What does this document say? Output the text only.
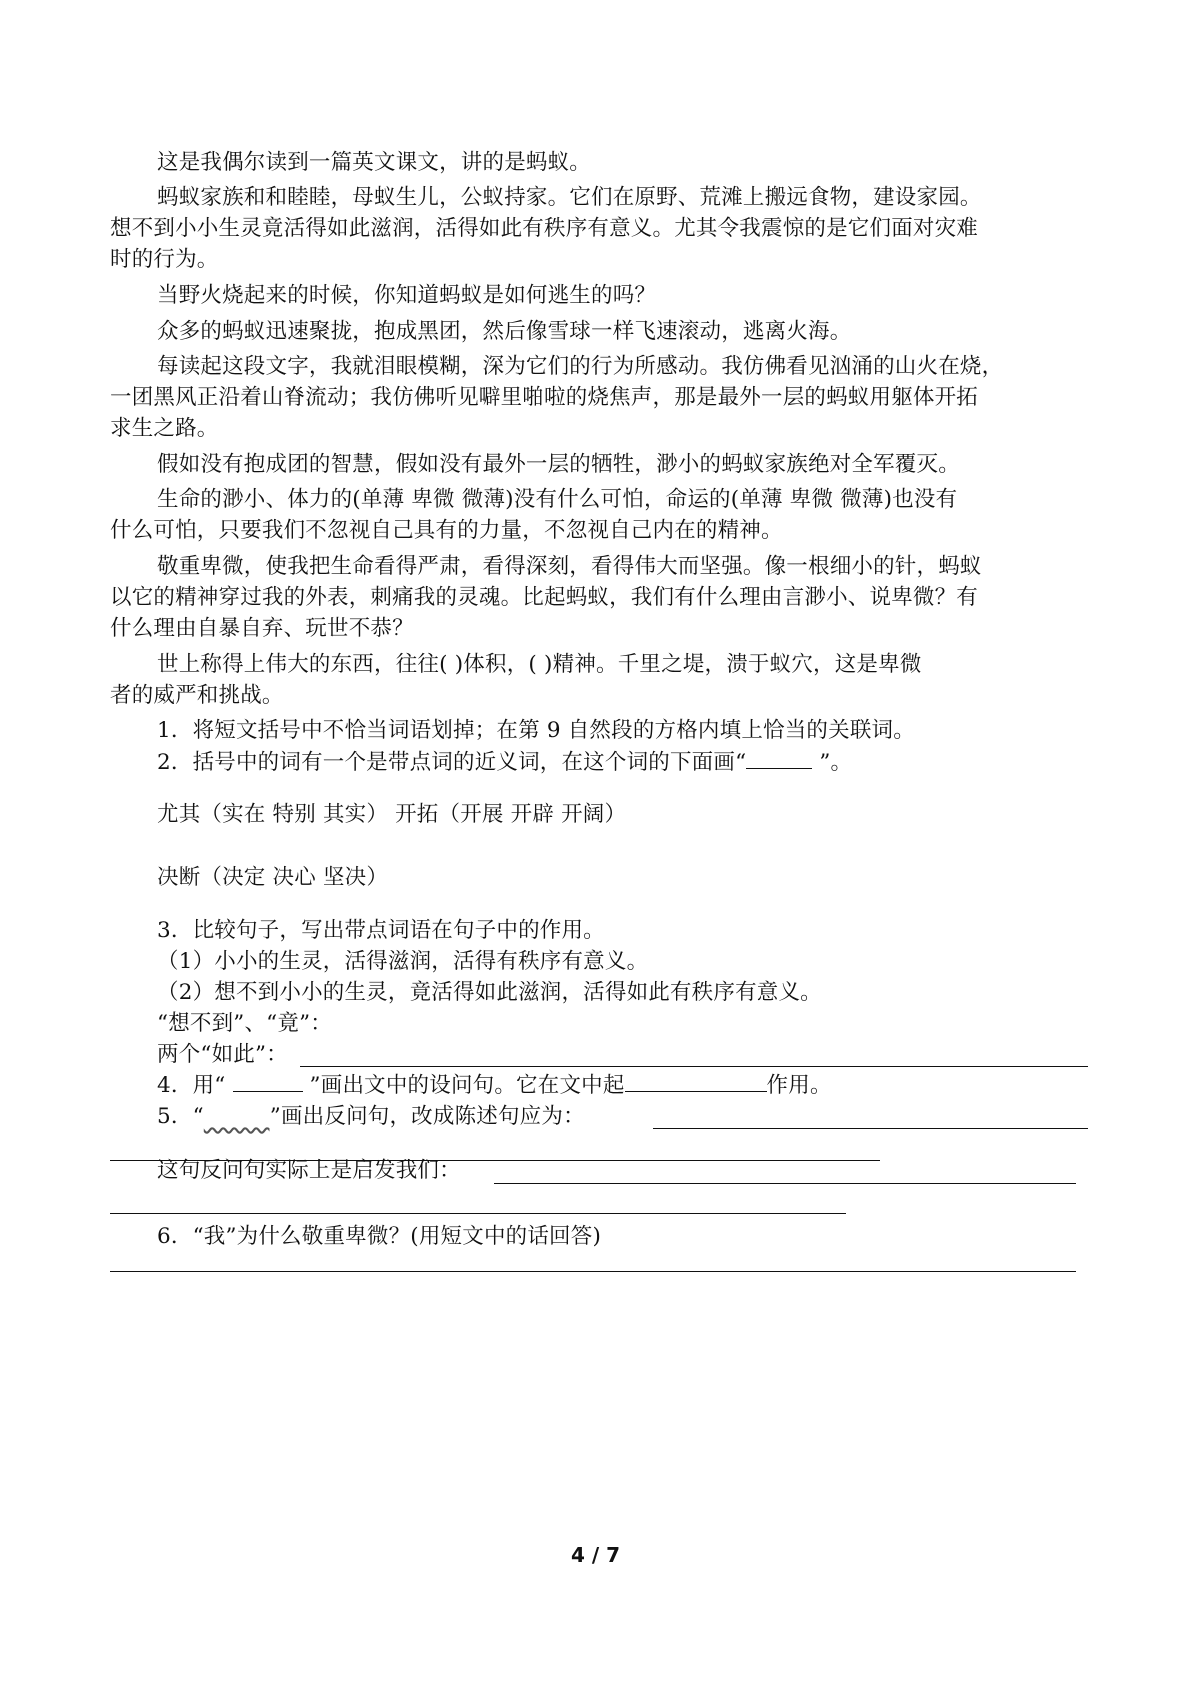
这是我偶尔读到一篇英文课文，讲的是蚂蚁。
蚂蚁家族和和睦睦，母蚁生儿，公蚁持家。它们在原野、荒滩上搬远食物，建设家园。
想不到小小生灵竟活得如此滋润，活得如此有秩序有意义。尤其令我震惊的是它们面对灾难
时的行为。
当野火烧起来的时候，你知道蚂蚁是如何逃生的吗？
众多的蚂蚁迅速聚拢，抱成黑团，然后像雪球一样飞速滚动，逃离火海。
每读起这段文字，我就泪眼模糊，深为它们的行为所感动。我仿佛看见汹涌的山火在烧，
一团黑风正沿着山脊流动；我仿佛听见噼里啪啦的烧焦声，那是最外一层的蚂蚁用躯体开拓
求生之路。
假如没有抱成团的智慧，假如没有最外一层的牺牲，渺小的蚂蚁家族绝对全军覆灭。
生命的渺小、体力的(单薄 卑微 微薄)没有什么可怕，命运的(单薄 卑微 微薄)也没有
什么可怕，只要我们不忽视自己具有的力量，不忽视自己内在的精神。
敬重卑微，使我把生命看得严肃，看得深刻，看得伟大而坚强。像一根细小的针，蚂蚁
以它的精神穿过我的外表，刺痛我的灵魂。比起蚂蚁，我们有什么理由言渺小、说卑微？有
什么理由自暴自弃、玩世不恭？
世上称得上伟大的东西，往往( )体积，( )精神。千里之堤，溃于蚁穴，这是卑微
者的威严和挑战。
1．将短文括号中不恰当词语划掉；在第 9 自然段的方格内填上恰当的关联词。
2．括号中的词有一个是带点词的近义词，在这个词的下面画“	”。
尤其（实在 特别 其实） 开拓（开展 开辟 开阔）
决断（决定 决心 坚决）
3．比较句子，写出带点词语在句子中的作用。
（1）小小的生灵，活得滋润，活得有秩序有意义。
（2）想不到小小的生灵，竟活得如此滋润，活得如此有秩序有意义。
“想不到”、“竟”：
两个“如此”：
4．用“	”画出文中的设问句。它在文中起	作用。
5．“	”画出反问句，改成陈述句应为：
这句反问句实际上是启发我们：
6．“我”为什么敬重卑微？(用短文中的话回答)
4 / 7
